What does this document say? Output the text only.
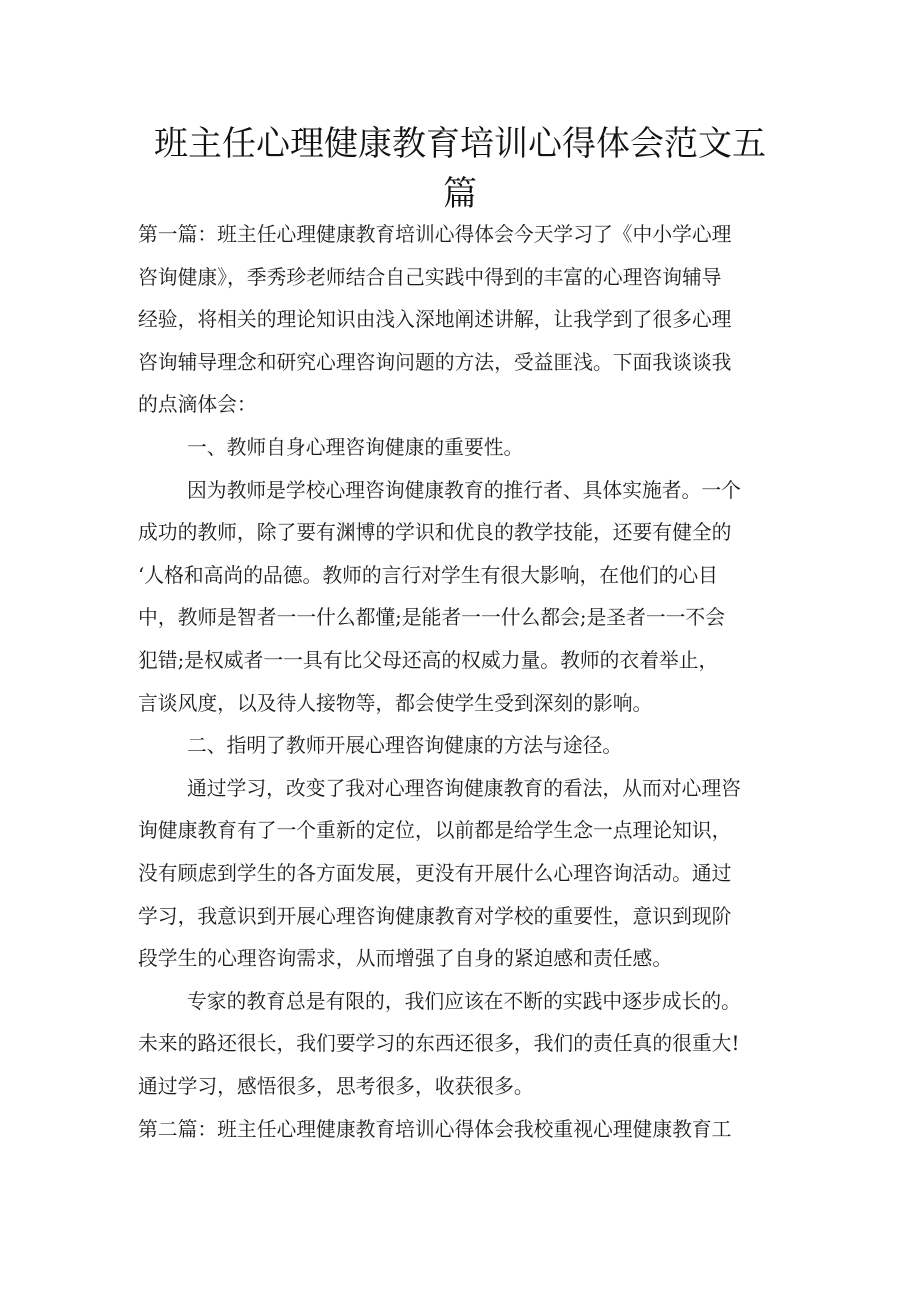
班主任心理健康教育培训心得体会范文五
篇
第一篇：班主任心理健康教育培训心得体会今天学习了《中小学心理
咨询健康》，季秀珍老师结合自己实践中得到的丰富的心理咨询辅导
经验，将相关的理论知识由浅入深地阐述讲解，让我学到了很多心理
咨询辅导理念和研究心理咨询问题的方法，受益匪浅。下面我谈谈我
的点滴体会：
一、教师自身心理咨询健康的重要性。
因为教师是学校心理咨询健康教育的推行者、具体实施者。一个
成功的教师，除了要有渊博的学识和优良的教学技能，还要有健全的
‘人格和高尚的品德。教师的言行对学生有很大影响，在他们的心目
中，教师是智者一一什么都懂;是能者一一什么都会;是圣者一一不会
犯错;是权威者一一具有比父母还高的权威力量。教师的衣着举止，
言谈风度，以及待人接物等，都会使学生受到深刻的影响。
二、指明了教师开展心理咨询健康的方法与途径。
通过学习，改变了我对心理咨询健康教育的看法，从而对心理咨
询健康教育有了一个重新的定位，以前都是给学生念一点理论知识，
没有顾虑到学生的各方面发展，更没有开展什么心理咨询活动。通过
学习，我意识到开展心理咨询健康教育对学校的重要性，意识到现阶
段学生的心理咨询需求，从而增强了自身的紧迫感和责任感。
专家的教育总是有限的，我们应该在不断的实践中逐步成长的。
未来的路还很长，我们要学习的东西还很多，我们的责任真的很重大!
通过学习，感悟很多，思考很多，收获很多。
第二篇：班主任心理健康教育培训心得体会我校重视心理健康教育工
